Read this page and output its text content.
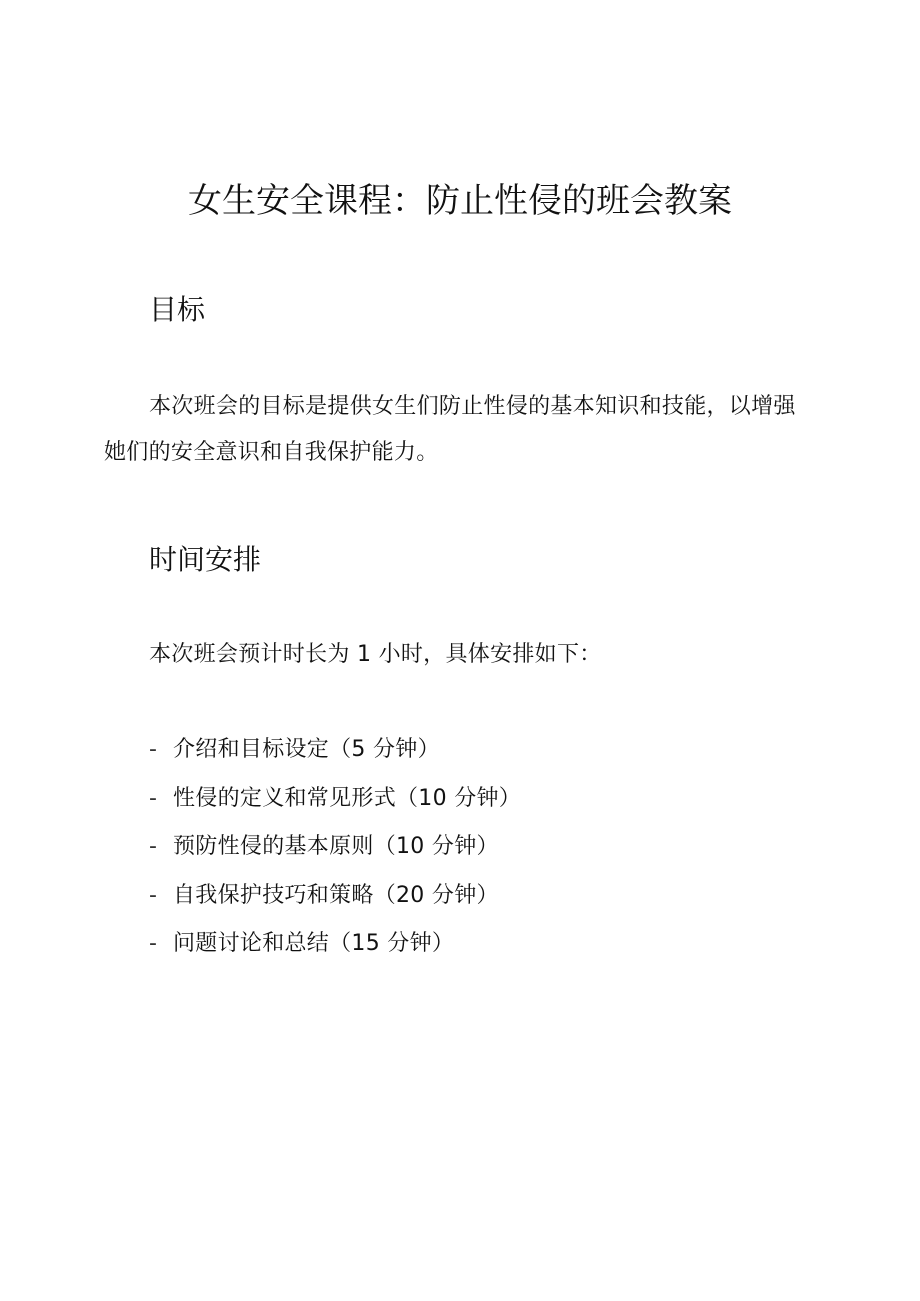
女生安全课程：防止性侵的班会教案
目标

本次班会的目标是提供女生们防止性侵的基本知识和技能，以增强她们的安全意识和自我保护能力。

时间安排

本次班会预计时长为 1 小时，具体安排如下：

- 介绍和目标设定（5 分钟）
- 性侵的定义和常见形式（10 分钟）
- 预防性侵的基本原则（10 分钟）
- 自我保护技巧和策略（20 分钟）
- 问题讨论和总结（15 分钟）
